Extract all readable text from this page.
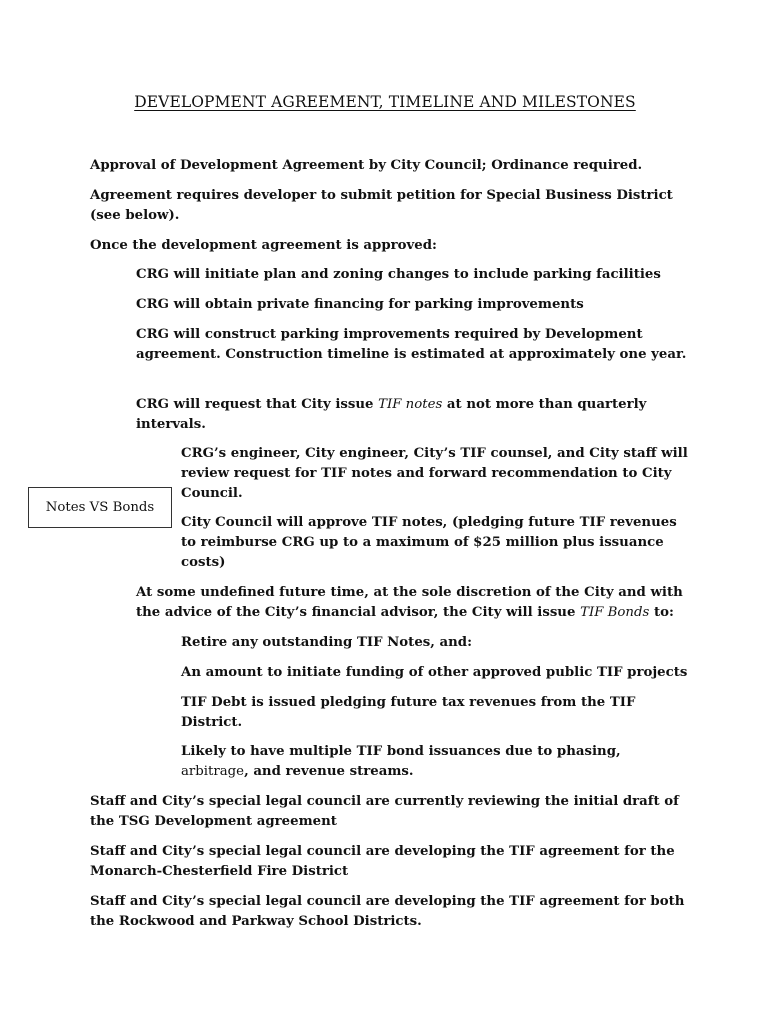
DEVELOPMENT AGREEMENT, TIMELINE AND MILESTONES
Notes VS Bonds

Approval of Development Agreement by City Council; Ordinance required.

Agreement requires developer to submit petition for Special Business District (see below).

Once the development agreement is approved:

CRG will initiate plan and zoning changes to include parking facilities

CRG will obtain private financing for parking improvements

CRG will construct parking improvements required by Development agreement. Construction timeline is estimated at approximately one year.

CRG will request that City issue TIF notes at not more than quarterly intervals.

CRG’s engineer, City engineer, City’s TIF counsel, and City staff will review request for TIF notes and forward recommendation to City Council.

City Council will approve TIF notes, (pledging future TIF revenues to reimburse CRG up to a maximum of $25 million plus issuance costs)

At some undefined future time, at the sole discretion of the City and with the advice of the City’s financial advisor, the City will issue TIF Bonds to:

Retire any outstanding TIF Notes, and:

An amount to initiate funding of other approved public TIF projects

TIF Debt is issued pledging future tax revenues from the TIF District.

Likely to have multiple TIF bond issuances due to phasing, arbitrage, and revenue streams.

Staff and City’s special legal council are currently reviewing the initial draft of the TSG Development agreement

Staff and City’s special legal council are developing the TIF agreement for the Monarch-Chesterfield Fire District

Staff and City’s special legal council are developing the TIF agreement for both the Rockwood and Parkway School Districts.
